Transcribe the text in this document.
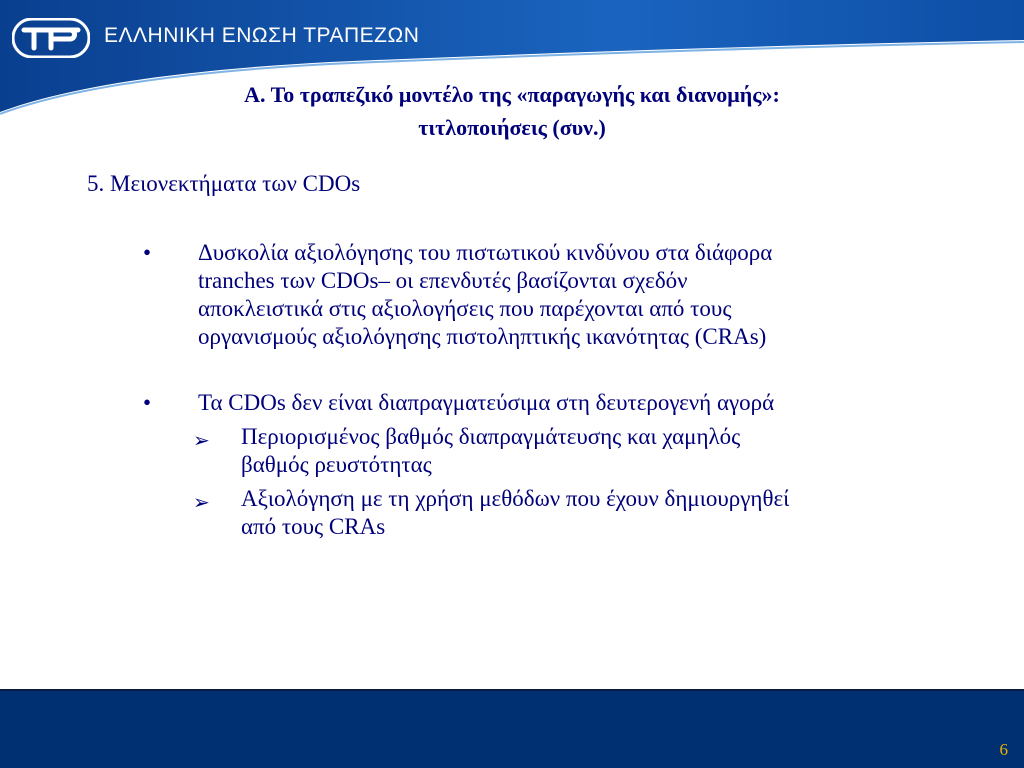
ΕΛΛΗΝΙΚΗ ΕΝΩΣΗ ΤΡΑΠΕΖΩΝ
Α. Το τραπεζικό μοντέλο της «παραγωγής και διανομής»:
τιτλοποιήσεις (συν.)
5. Μειονεκτήματα των CDOs
• Δυσκολία αξιολόγησης του πιστωτικού κινδύνου στα διάφορα
tranches των CDOs– οι επενδυτές βασίζονται σχεδόν
αποκλειστικά στις αξιολογήσεις που παρέχονται από τους
οργανισμούς αξιολόγησης πιστοληπτικής ικανότητας (CRAs)
• Τα CDOs δεν είναι διαπραγματεύσιμα στη δευτερογενή αγορά
➢ Περιορισμένος βαθμός διαπραγμάτευσης και χαμηλός
βαθμός ρευστότητας
➢ Αξιολόγηση με τη χρήση μεθόδων που έχουν δημιουργηθεί
από τους CRAs
6
